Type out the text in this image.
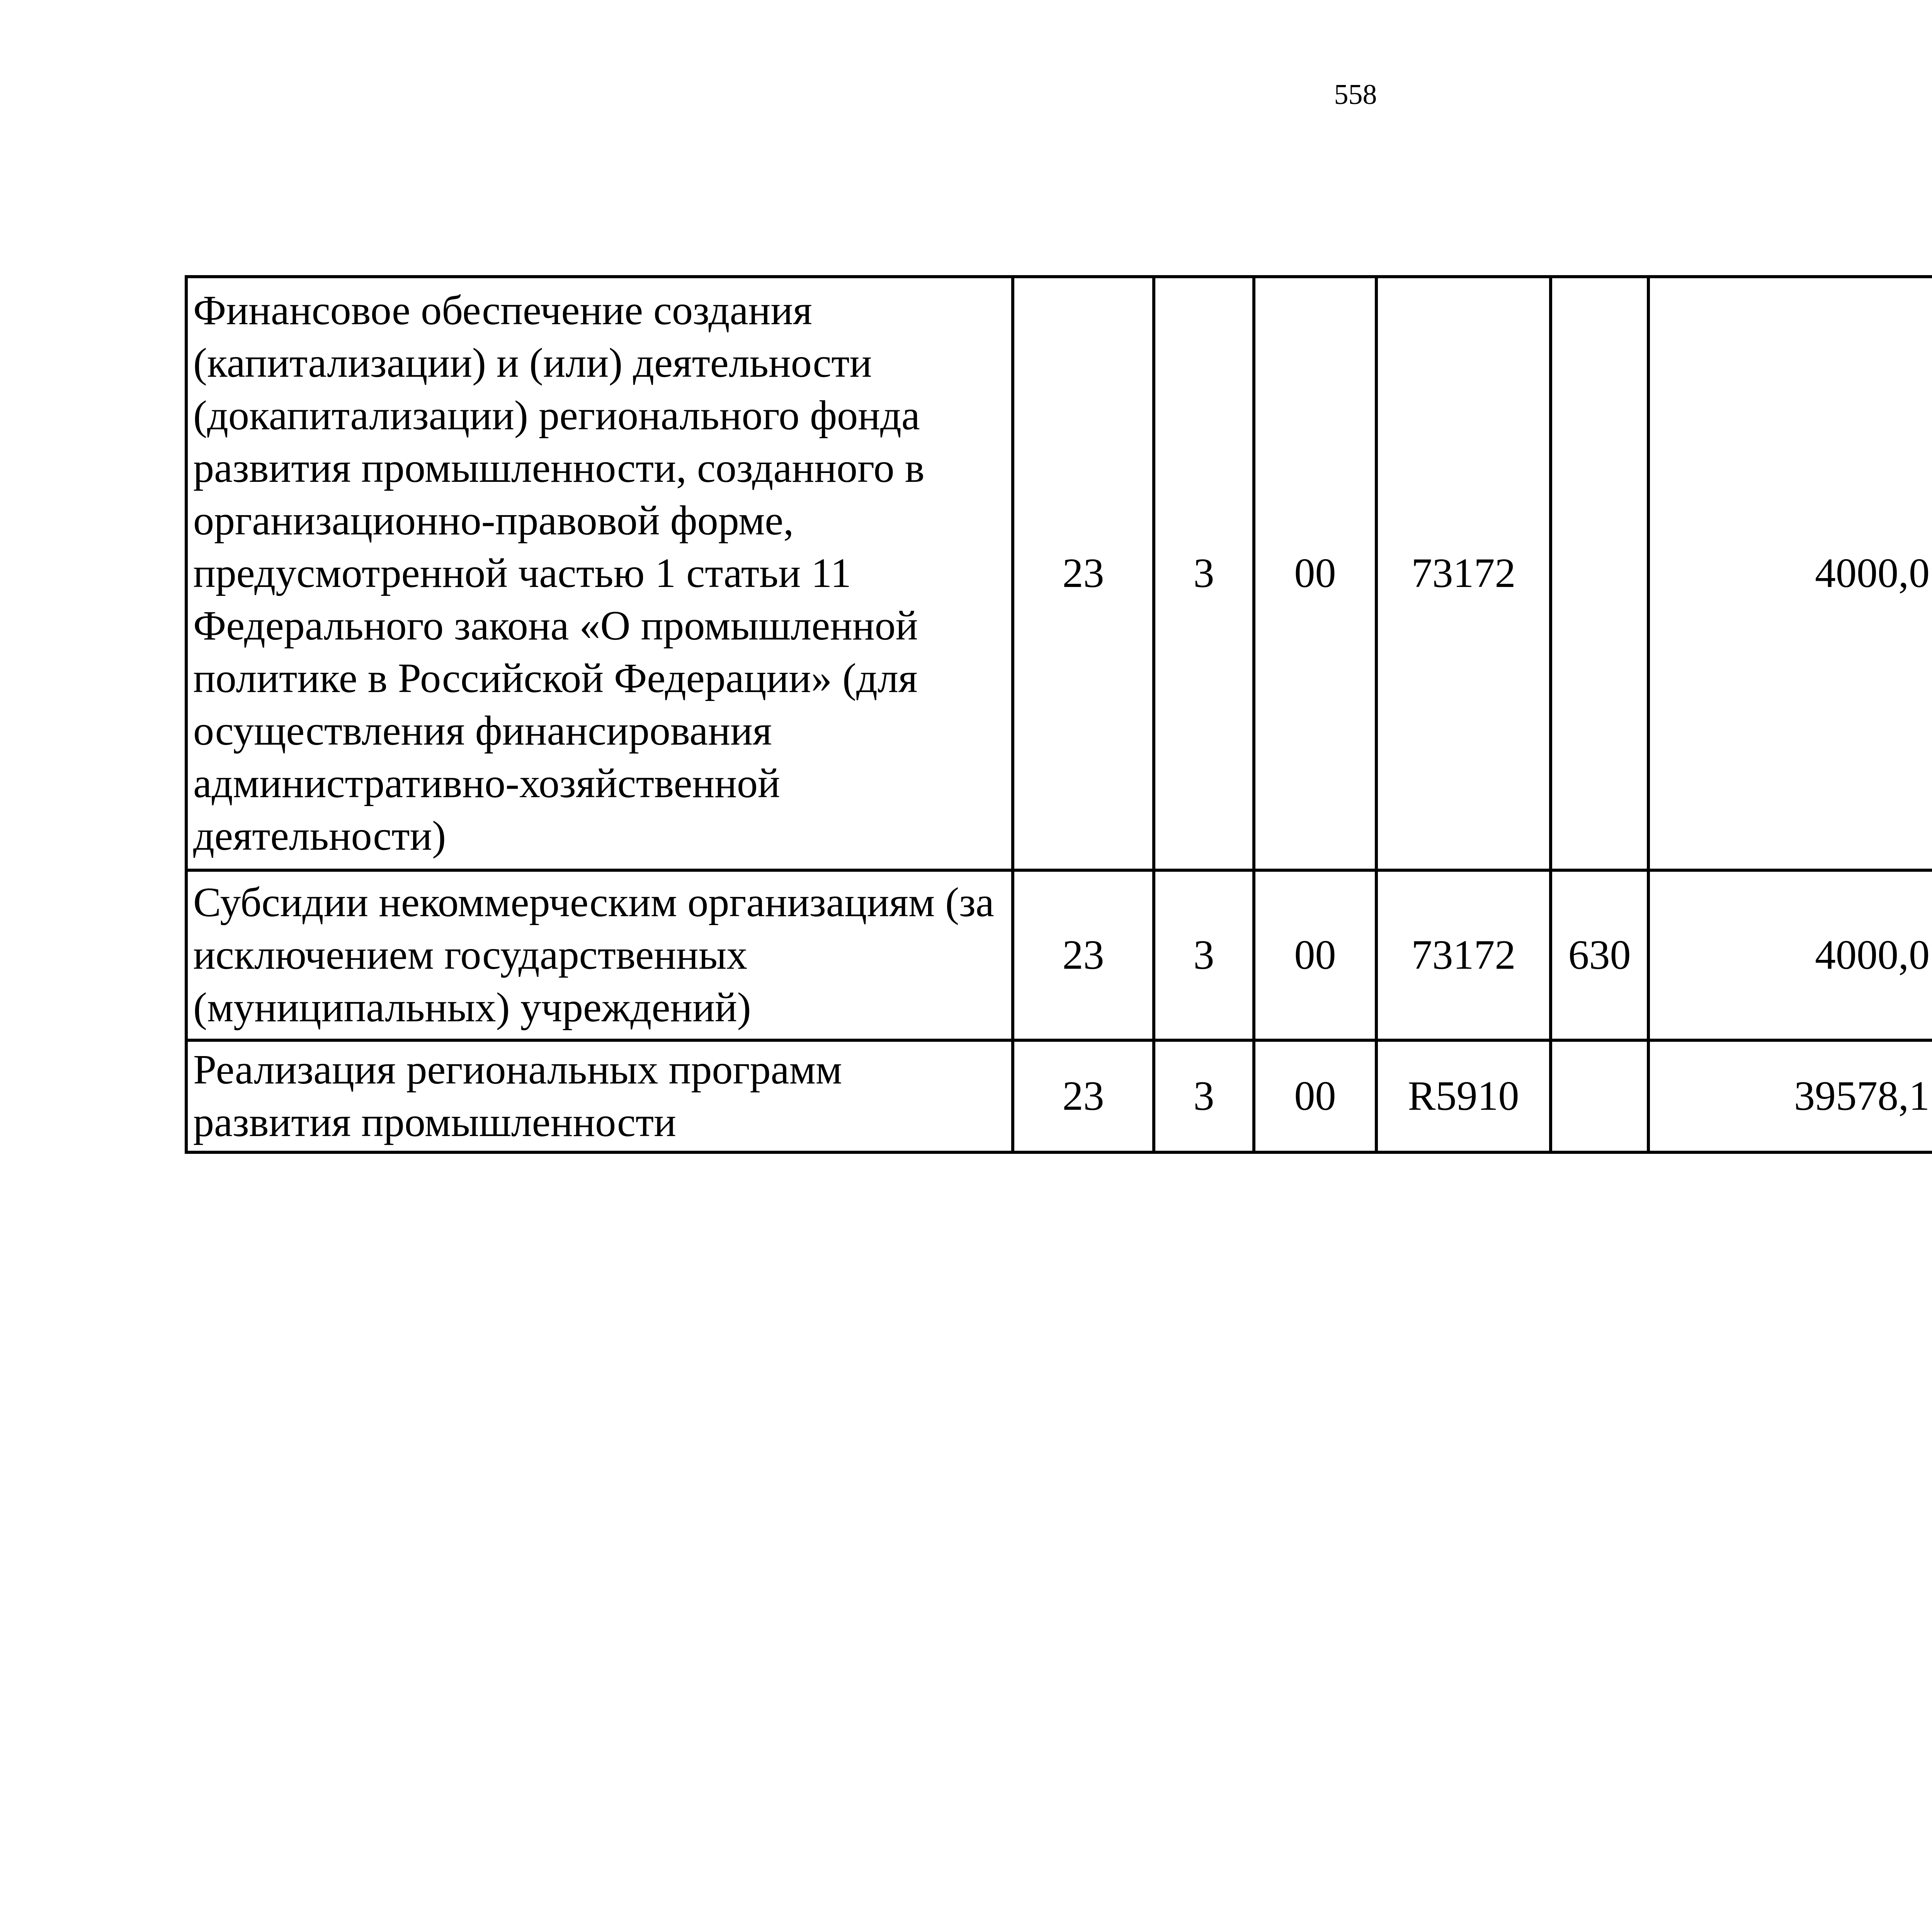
558
Финансовое обеспечение создания (капитализации) и (или) деятельности (докапитализации) регионального фонда развития промышленности, созданного в организационно-правовой форме, предусмотренной частью 1 статьи 11 Федерального закона «О промышленной политике в Российской Федерации» (для осуществления финансирования административно-хозяйственной деятельности)	23	3	00	73172		4000,0		
Субсидии некоммерческим организациям (за исключением государственных (муниципальных) учреждений)	23	3	00	73172	630	4000,0		
Реализация региональных программ развития промышленности	23	3	00	R5910		39578,1		
